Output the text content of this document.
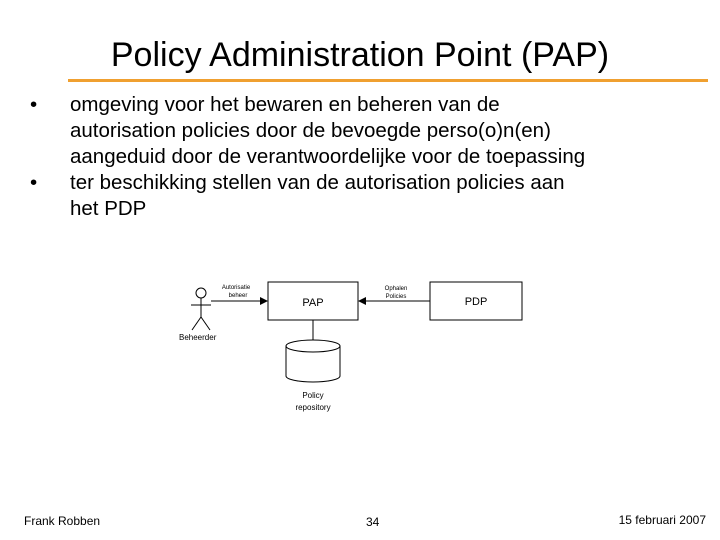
Policy Administration Point (PAP)
• omgeving voor het bewaren en beheren van de
autorisation policies door de bevoegde perso(o)n(en)
aangeduid door de verantwoordelijke voor de toepassing
• ter beschikking stellen van de autorisation policies aan
het PDP
Beheerder
Autorisatie
beheer
PAP
Ophalen
Policies	PDP
Policy
repository
Frank Robben	34	15 februari 2007
